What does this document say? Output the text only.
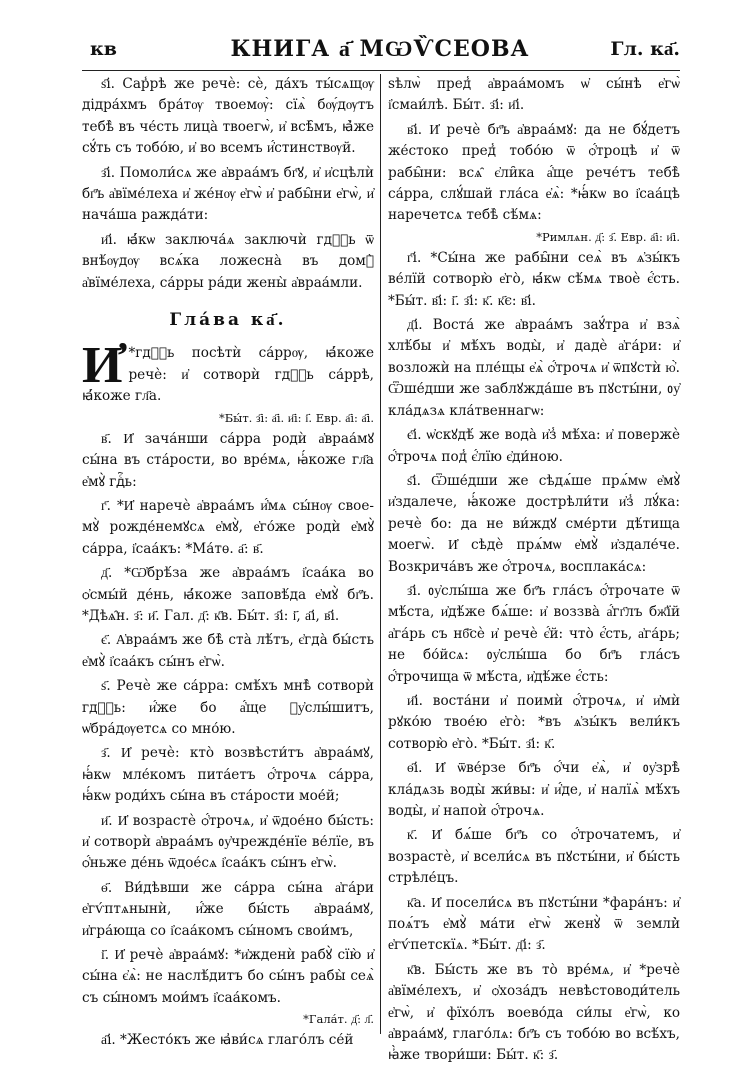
кв	КНИГА а҃ МѠѶСЕОВА	Гл. ка҃.

ѕ҃і. Сар̾рѣ же речѐ: сѐ, да́хъ ты́сѧщѹ дідра́хмъ бра́тѹ твоемѹ̀: сїѧ̀ бѹ́дѹтъ тебѣ̀ въ че́сть лица̀ твоегѡ̀, и҆ всѣ̑мъ, ꙗ҆̀же сꙋ́ть съ тобо́ю, и҆ во всемъ и҆́стинствѹй.

з҃і. Помоли́сѧ же а҆враа́мъ бг҃ꙋ, и҆ и҆сцѣлѝ бг҃ъ а҆вїме́леха и҆ же́нѹ е҆гѡ̀ и҆ рабы̑ни е҆гѡ̀, и҆ нача́ша ражда́ти:

и҃і. ꙗ҆́кѡ заключа́ѧ заключѝ гдⷭ҇ь ѿ внѣ́ѹдѹ всѧ́ка ложесна̀ въ домꙋ̀ а҆вїме́леха, са́рры ра́ди жены̀ а҆враа́мли.

Гла́ва ка҃.

И҆ *гдⷭ҇ь посѣтѝ са́ррѹ, ꙗ҆́коже речѐ: и҆ сотворѝ гдⷭ҇ь са́ррѣ, ꙗ҆́коже гл҃а.

*Бы́т. з҃і: а҃і. и҃і: і҃. Евр. а҃і: а҃і.

в҃. И҆ зача́нши са́рра родѝ а҆враа́мꙋ сы́на въ ста́рости, во вре́мѧ, ꙗ҆́коже гл҃а е҆мꙋ̀ гдⷭ҇ь:

г҃. *И҆ наречѐ а҆враа́мъ и҆́мѧ сы́нѹ своемꙋ̀ рожде́немꙋсѧ е҆мꙋ̀, е҆го́же родѝ е҆мꙋ̀ са́рра, і҆саа́къ: *Ма́тѳ. а҃: в҃.

д҃. *Ѡ҆брѣ́за же а҆враа́мъ і҆саа́ка во ѻ҆смы́й де́нь, ꙗ҆́коже заповѣ́да е҆мꙋ̀ бг҃ъ. *Дѣѧ̑н. з҃: и҃. Гал. д҃: к҃в. Бы́т. з҃і: і҃, а҃і, в҃і.

є҃. А҆враа́мъ же бѣ̀ ста̀ лѣ́тъ, є҆гда̀ бы́сть е҆мꙋ̀ і҆саа́къ сы́нъ е҆гѡ̀.

ѕ҃. Речѐ же са́рра: смѣ́хъ мнѣ̀ сотворѝ гдⷭ҇ь: и҆́же бо а҆́ще ᲂу҆слы́шитъ, ѡ҆бра́дѹетсѧ со мно́ю.

з҃. И҆ речѐ: кто̀ возвѣсти́тъ а҆враа́мꙋ, ꙗ҆́кѡ мле́комъ пита́етъ ѻ҆́трочѧ са́рра, ꙗ҆́кѡ роди́хъ сы́на въ ста́рости мое́й;

и҃. И҆ возрастѐ ѻ҆́трочѧ, и҆ ѿдое́но бы́сть: и҆ сотворѝ а҆враа́мъ ᲂу҆чрежде́нїе ве́лїе, въ ѻ҆́ньже де́нь ѿдое́сѧ і҆саа́къ сы́нъ е҆гѡ̀.

ѳ҃. Ви́дѣвши же са́рра сы́на а҆га́ри е҆гѵ́птѧнынѝ, и҆́же бы́сть а҆враа́мꙋ, и҆гра́юща со і҆саа́комъ сы́номъ свои́мъ,

і҃. И҆ речѐ а҆враа́мꙋ: *и҆жденѝ рабꙋ̀ сїю̀ и҆ сы́на є҆ѧ̀: не наслѣ́дитъ бо сы́нъ рабы̀ сеѧ̀ съ сы́номъ мои́мъ і҆саа́комъ.

*Гала́т. д҃: л҃.

а҃і. *Жесто́къ же ꙗ҆ви́сѧ глаго́лъ се́й

ѕѣлѡ̀ пред̾ а҆враа́момъ ѡ҆ сы́нѣ е҆гѡ̀ і҆смаи́лѣ. Бы́т. з҃і: и҃і.

в҃і. И҆ речѐ бг҃ъ а҆враа́мꙋ: да не бꙋ́детъ же́стоко пред̾ тобо́ю ѿ ѻ҆́троцѣ и҆ ѿ рабы̑ни: всѧ̑ є҆ли̑ка а҆́ще рече́тъ тебѣ̀ са́рра, слꙋ́шай гла́са е҆ѧ̀: *ꙗ҆́кѡ во і҆саа́цѣ наречетсѧ тебѣ̀ сѣ́мѧ:

*Римлѧн. д҃: з҃. Евр. а҃і: и҃і.

г҃і. *Сы́на же рабы̑ни сеѧ̀ въ ѧ҆зы́къ ве́лїй сотворю̀ е҆го̀, ꙗ҆́кѡ сѣ́мѧ твоѐ є҆́сть. *Бы́т. в҃і: і҃. з҃і: к҃. к҃є: в҃і.

д҃і. Воста́ же а҆враа́мъ заꙋ́тра и҆ взѧ̀ хлѣ́бы и҆ мѣ́хъ воды̀, и҆ дадѐ а҆га́ри: и҆ возложѝ на пле́щы е҆ѧ̀ ѻ҆́трочѧ и҆ ѿпꙋстѝ ю҆̀. Ѿше́дши же заблꙋжда́ше въ пꙋсты́ни, ᲂу҆ кла́дѧзѧ кла́твеннагѡ:

є҃і. ѡ҆скꙋдѣ́ же вода̀ и҆з̾ мѣ́ха: и҆ повержѐ ѻ҆́трочѧ под̾ є҆́лїю є҆ди́ною.

ѕ҃і. Ѿше́дши же сѣдѧ́ше прѧ́мѡ е҆мꙋ̀ и҆здалече, ꙗ҆́коже дострѣли́ти и҆з̾ лꙋ́ка: речѐ бо: да не ви́ждꙋ сме́рти дѣ́тища моегѡ̀. И҆ сѣдѐ прѧ́мѡ е҆мꙋ̀ и҆здале́че. Возкрича́въ же ѻ҆́трочѧ, восплака́сѧ:

з҃і. ᲂу҆слы́ша же бг҃ъ гла́съ ѻ҆́трочате ѿ мѣ́ста, и҆дѣ́же бѧ́ше: и҆ воззва̀ а҆́гг҃лъ бж҃їй а҆га́рь съ нб҃сѐ и҆ речѐ є҆́й: что̀ є҆́сть, а҆га́рь; не бо́йсѧ: ᲂу҆слы́ша бо бг҃ъ гла́съ ѻ҆́трочища ѿ мѣ́ста, и҆дѣ́же є҆́сть:

и҃і. воста́ни и҆ поимѝ ѻ҆́трочѧ, и҆ и҆мѝ рꙋко́ю твое́ю е҆го̀: *въ ѧ҆зы́къ вели́къ сотворю̀ е҆го̀. *Бы́т. з҃і: к҃.

ѳ҃і. И҆ ѿве́рзе бг҃ъ ѻ҆́чи е҆ѧ̀, и҆ ᲂу҆зрѣ̀ кла́дѧзь воды̀ жи́вы: и҆ и҆́де, и҆ налїѧ̀ мѣ́хъ воды̀, и҆ напоѝ ѻ҆́трочѧ.

к҃. И҆ бѧ́ше бг҃ъ со ѻ҆́трочатемъ, и҆ возрастѐ, и҆ всели́сѧ въ пꙋсты́ни, и҆ бы́сть стрѣле́цъ.

к҃а. И҆ посели́сѧ въ пꙋсты́ни *фара́нъ: и҆ поѧ́тъ е҆мꙋ̀ ма́ти е҆гѡ̀ женꙋ̀ ѿ земли̇̀ е҆гѵ́петскїѧ. *Бы́т. д҃і: з҃.

к҃в. Бы́сть же въ то̀ вре́мѧ, и҆ *речѐ а҆вїме́лехъ, и҆ ѻ҆хоза́дъ невѣстоводи́тель е҆гѡ̀, и҆ фїхо́лъ воево́да си́лы е҆гѡ̀, ко а҆враа́мꙋ, глаго́лѧ: бг҃ъ съ тобо́ю во всѣ́хъ, ꙗ҆̀же твори́ши: Бы́т. к҃: з҃.
